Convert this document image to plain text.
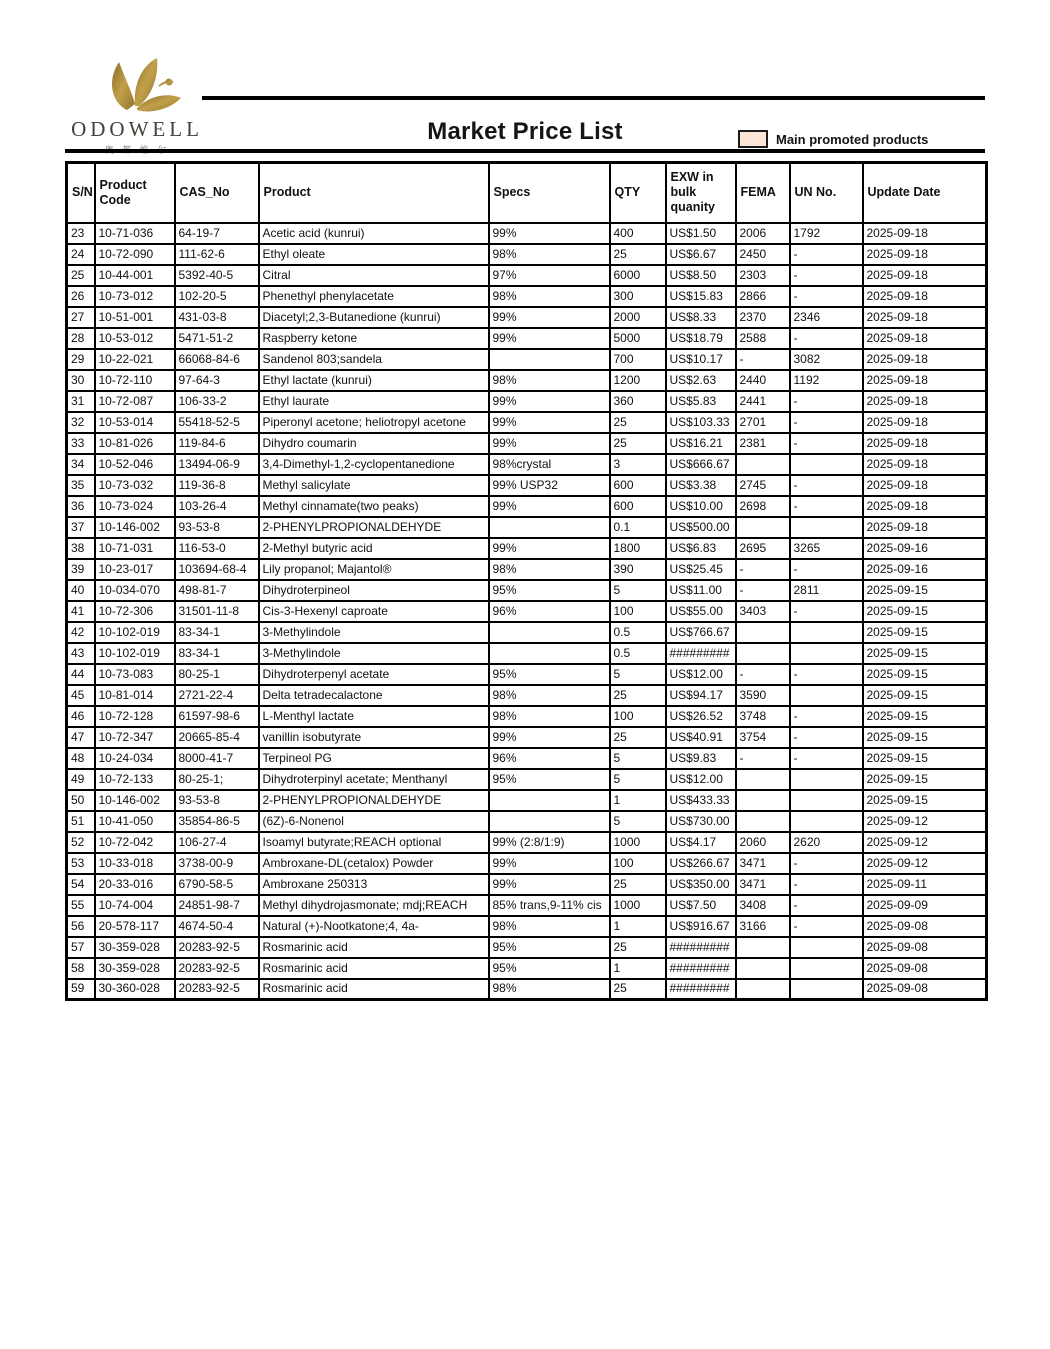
ODOWELL	Market Price List	Main promoted products
S/N	Product Code	CAS_No	Product	Specs	QTY	EXW in bulk quanity	FEMA	UN No.	Update Date
23	10-71-036	64-19-7	Acetic acid (kunrui)	99%	400	US$1.50	2006	1792	2025-09-18
24	10-72-090	111-62-6	Ethyl oleate	98%	25	US$6.67	2450	-	2025-09-18
25	10-44-001	5392-40-5	Citral	97%	6000	US$8.50	2303	-	2025-09-18
26	10-73-012	102-20-5	Phenethyl phenylacetate	98%	300	US$15.83	2866	-	2025-09-18
27	10-51-001	431-03-8	Diacetyl;2,3-Butanedione (kunrui)	99%	2000	US$8.33	2370	2346	2025-09-18
28	10-53-012	5471-51-2	Raspberry ketone	99%	5000	US$18.79	2588	-	2025-09-18
29	10-22-021	66068-84-6	Sandenol 803;sandela		700	US$10.17	-	3082	2025-09-18
30	10-72-110	97-64-3	Ethyl lactate (kunrui)	98%	1200	US$2.63	2440	1192	2025-09-18
31	10-72-087	106-33-2	Ethyl laurate	99%	360	US$5.83	2441	-	2025-09-18
32	10-53-014	55418-52-5	Piperonyl acetone; heliotropyl acetone	99%	25	US$103.33	2701	-	2025-09-18
33	10-81-026	119-84-6	Dihydro coumarin	99%	25	US$16.21	2381	-	2025-09-18
34	10-52-046	13494-06-9	3,4-Dimethyl-1,2-cyclopentanedione	98%crystal	3	US$666.67			2025-09-18
35	10-73-032	119-36-8	Methyl salicylate	99% USP32	600	US$3.38	2745	-	2025-09-18
36	10-73-024	103-26-4	Methyl cinnamate(two peaks)	99%	600	US$10.00	2698	-	2025-09-18
37	10-146-002	93-53-8	2-PHENYLPROPIONALDEHYDE		0.1	US$500.00			2025-09-18
38	10-71-031	116-53-0	2-Methyl butyric acid	99%	1800	US$6.83	2695	3265	2025-09-16
39	10-23-017	103694-68-4	Lily propanol; Majantol®	98%	390	US$25.45	-	-	2025-09-16
40	10-034-070	498-81-7	Dihydroterpineol	95%	5	US$11.00	-	2811	2025-09-15
41	10-72-306	31501-11-8	Cis-3-Hexenyl caproate	96%	100	US$55.00	3403	-	2025-09-15
42	10-102-019	83-34-1	3-Methylindole		0.5	US$766.67			2025-09-15
43	10-102-019	83-34-1	3-Methylindole		0.5	#########			2025-09-15
44	10-73-083	80-25-1	Dihydroterpenyl acetate	95%	5	US$12.00	-	-	2025-09-15
45	10-81-014	2721-22-4	Delta tetradecalactone	98%	25	US$94.17	3590		2025-09-15
46	10-72-128	61597-98-6	L-Menthyl lactate	98%	100	US$26.52	3748	-	2025-09-15
47	10-72-347	20665-85-4	vanillin isobutyrate	99%	25	US$40.91	3754	-	2025-09-15
48	10-24-034	8000-41-7	Terpineol PG	96%	5	US$9.83	-	-	2025-09-15
49	10-72-133	80-25-1;	Dihydroterpinyl acetate; Menthanyl	95%	5	US$12.00			2025-09-15
50	10-146-002	93-53-8	2-PHENYLPROPIONALDEHYDE		1	US$433.33			2025-09-15
51	10-41-050	35854-86-5	(6Z)-6-Nonenol		5	US$730.00			2025-09-12
52	10-72-042	106-27-4	Isoamyl butyrate;REACH optional	99% (2:8/1:9)	1000	US$4.17	2060	2620	2025-09-12
53	10-33-018	3738-00-9	Ambroxane-DL(cetalox) Powder	99%	100	US$266.67	3471	-	2025-09-12
54	20-33-016	6790-58-5	Ambroxane 250313	99%	25	US$350.00	3471	-	2025-09-11
55	10-74-004	24851-98-7	Methyl dihydrojasmonate; mdj;REACH	85% trans,9-11% cis	1000	US$7.50	3408	-	2025-09-09
56	20-578-117	4674-50-4	Natural (+)-Nootkatone;4, 4a-	98%	1	US$916.67	3166	-	2025-09-08
57	30-359-028	20283-92-5	Rosmarinic acid	95%	25	#########			2025-09-08
58	30-359-028	20283-92-5	Rosmarinic acid	95%	1	#########			2025-09-08
59	30-360-028	20283-92-5	Rosmarinic acid	98%	25	#########			2025-09-08
